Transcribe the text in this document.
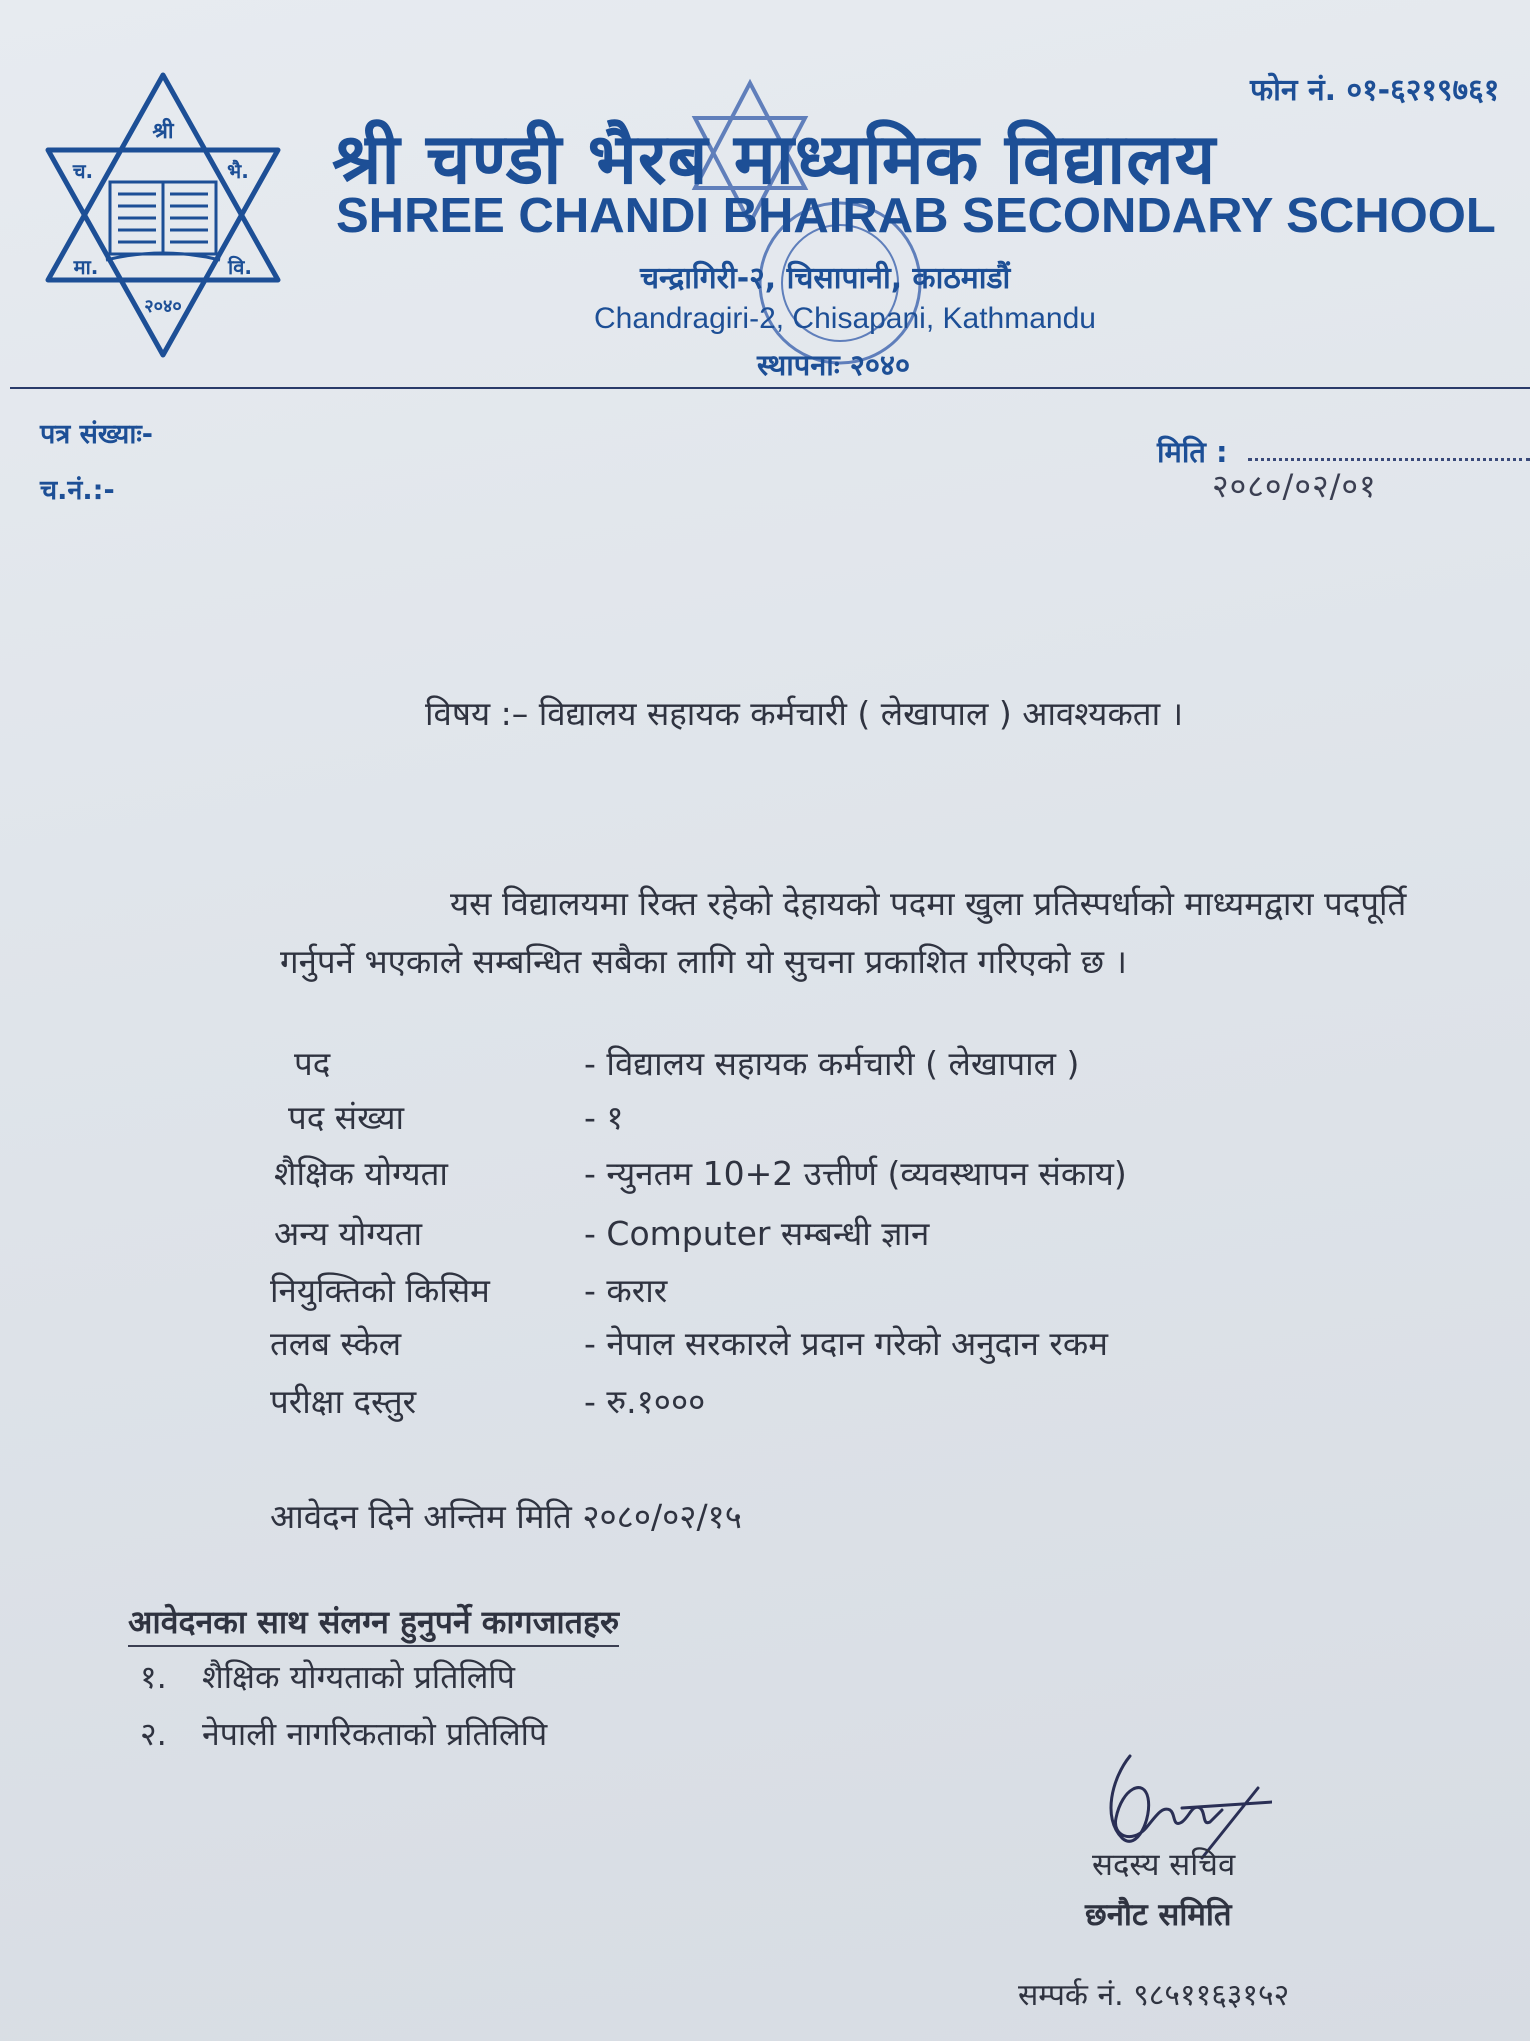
श्री
च.	भै.
मा.	वि.
२०४०
फोन नं. ०१-६२१९७६१
श्री चण्डी भैरब माध्यमिक विद्यालय
SHREE CHANDI BHAIRAB SECONDARY SCHOOL
चन्द्रागिरी-२, चिसापानी, काठमाडौं
Chandragiri-2, Chisapani, Kathmandu
स्थापनाः २०४०
पत्र संख्याः-
च.नं.:-
मिति :
२०८०/०२/०१
विषय :– विद्यालय सहायक कर्मचारी ( लेखापाल ) आवश्यकता ।
यस विद्यालयमा रिक्त रहेको देहायको पदमा खुला प्रतिस्पर्धाको माध्यमद्वारा पदपूर्ति गर्नुपर्ने भएकाले सम्बन्धित सबैका लागि यो सुचना प्रकाशित गरिएको छ ।
पद	- विद्यालय सहायक कर्मचारी ( लेखापाल )
पद संख्या	- १
शैक्षिक योग्यता	- न्युनतम 10+2 उत्तीर्ण (व्यवस्थापन संकाय)
अन्य योग्यता	- Computer सम्बन्धी ज्ञान
नियुक्तिको किसिम	- करार
तलब स्केल	- नेपाल सरकारले प्रदान गरेको अनुदान रकम
परीक्षा दस्तुर	- रु.१०००
आवेदन दिने अन्तिम मिति २०८०/०२/१५
आवेदनका साथ संलग्न हुनुपर्ने कागजातहरु
१. शैक्षिक योग्यताको प्रतिलिपि
२. नेपाली नागरिकताको प्रतिलिपि
सदस्य सचिव
छनौट समिति
सम्पर्क नं. ९८५११६३१५२
